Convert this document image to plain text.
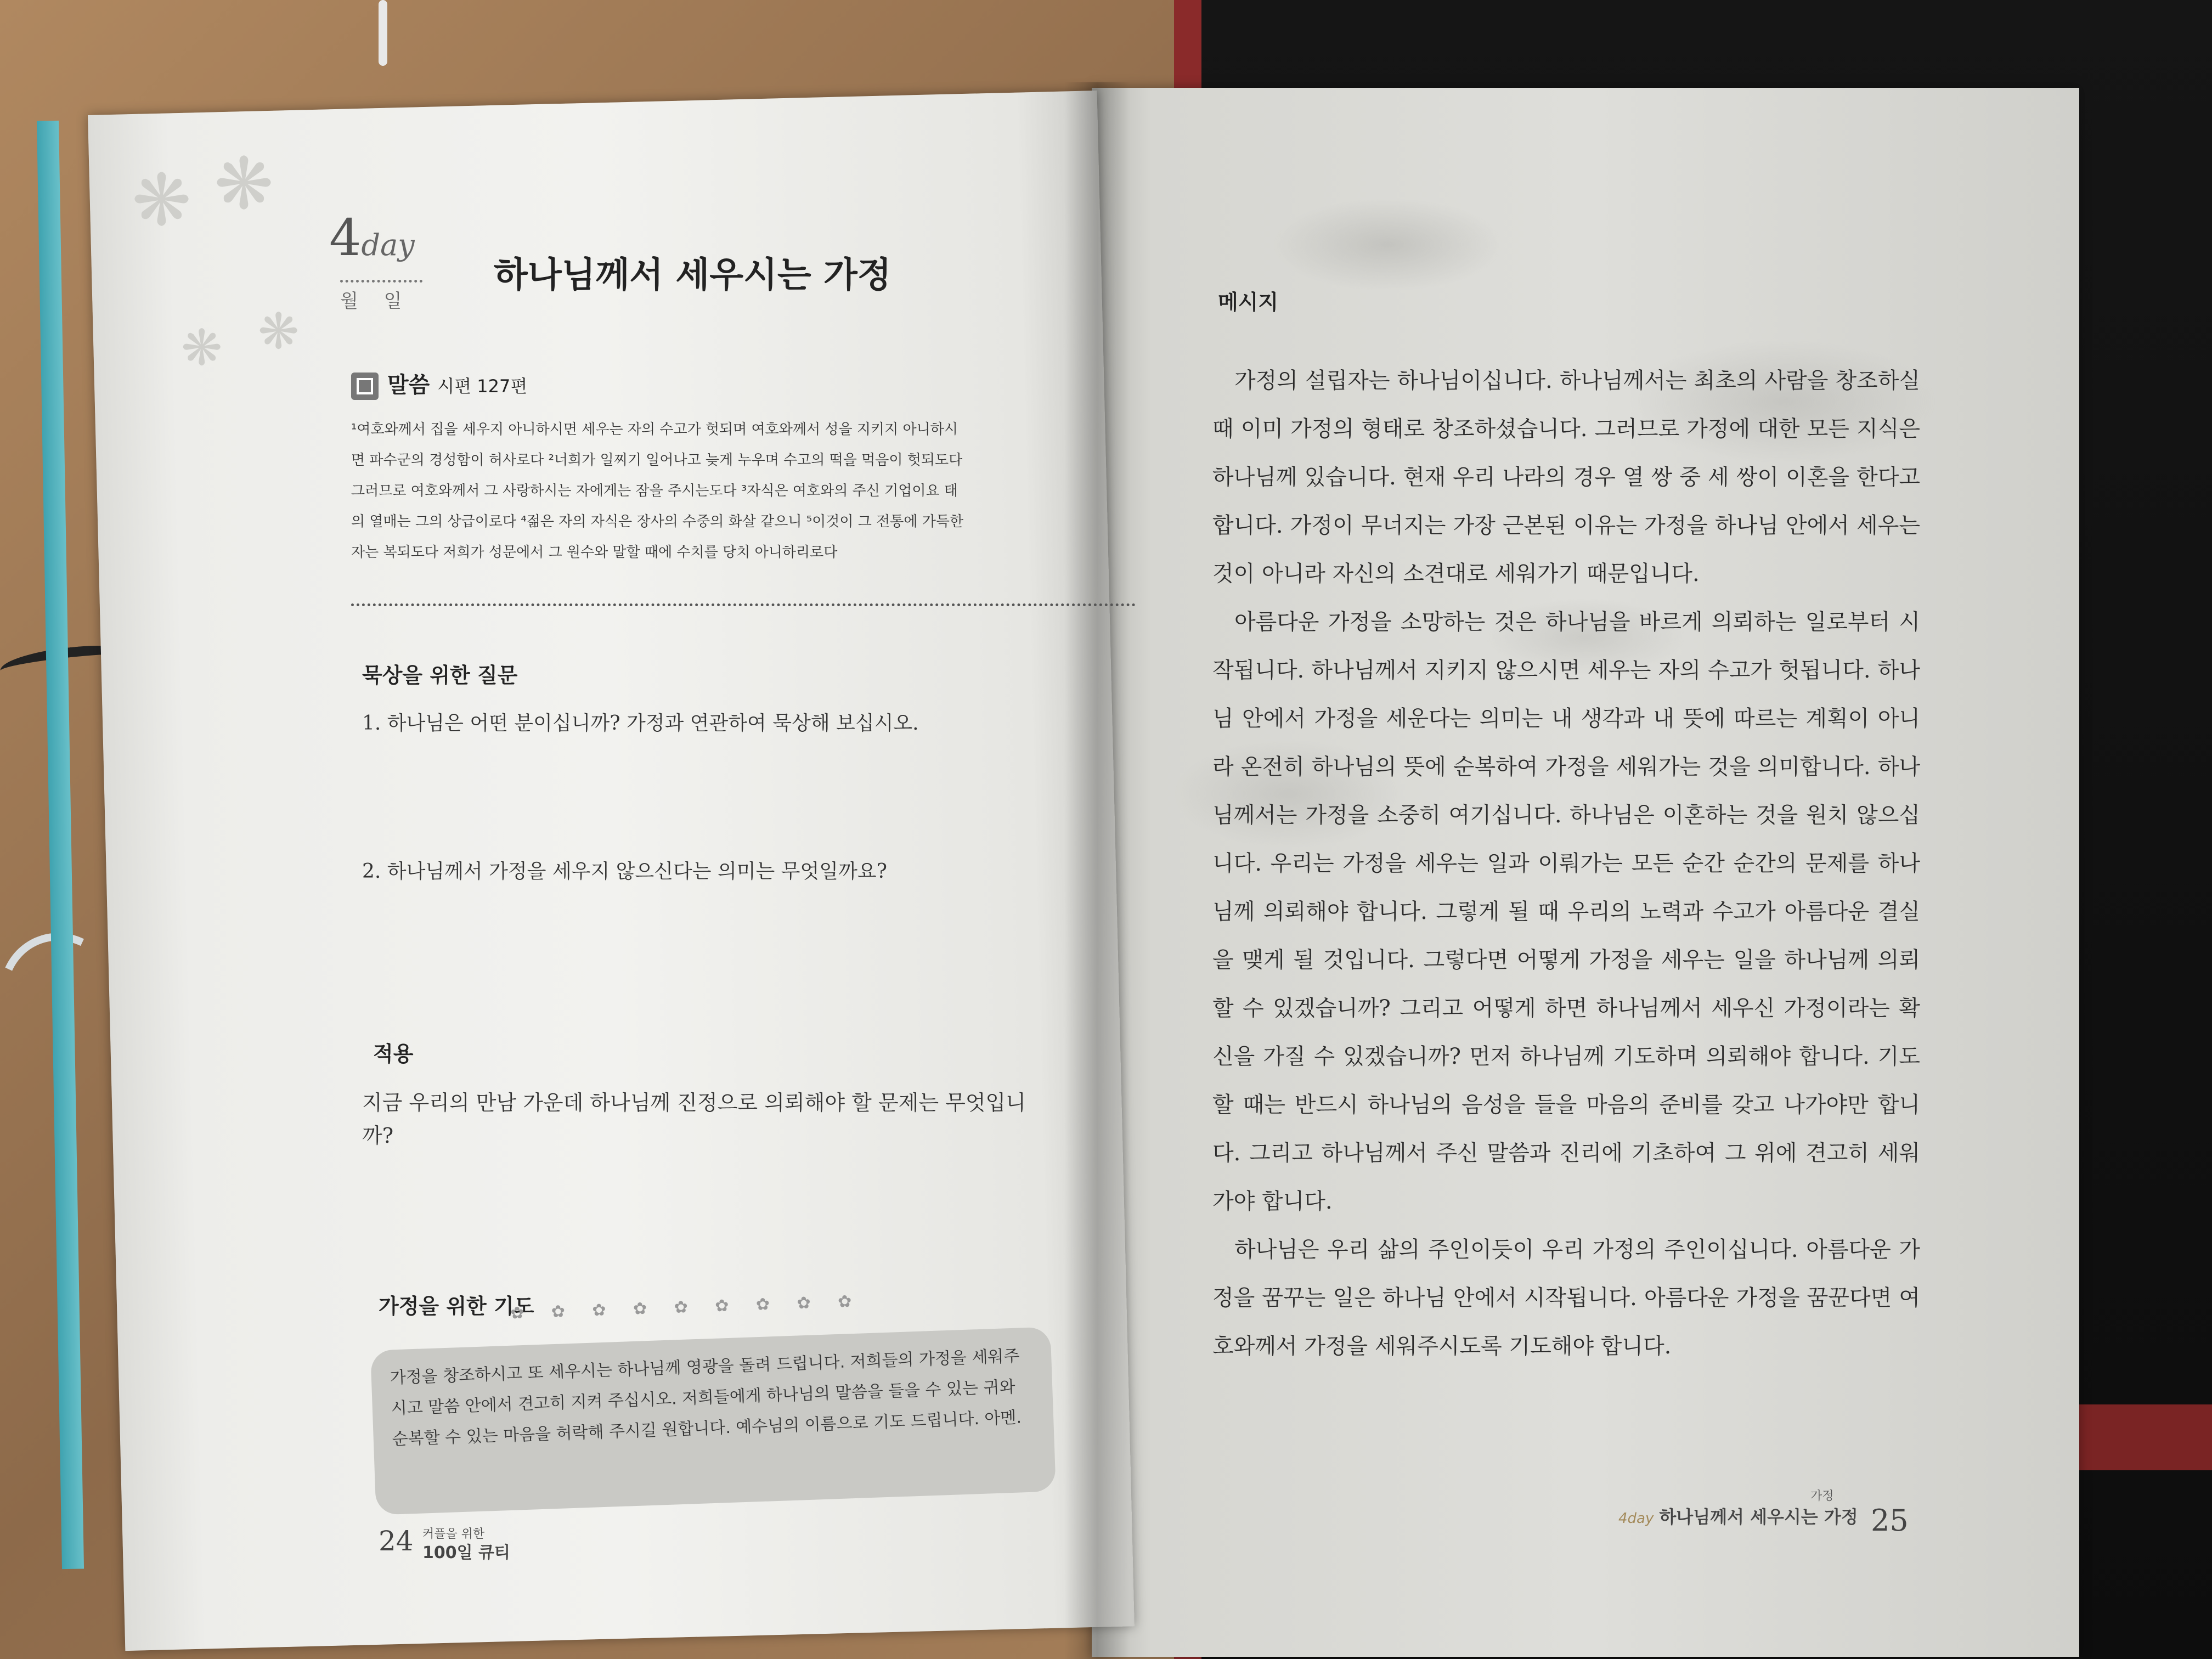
❋ ❋
❋ ❋
4day
월 일
하나님께서 세우시는 가정
말씀 시편 127편
¹여호와께서 집을 세우지 아니하시면 세우는 자의 수고가 헛되며 여호와께서 성을 지키지 아니하시
면 파수군의 경성함이 허사로다 ²너희가 일찌기 일어나고 늦게 누우며 수고의 떡을 먹음이 헛되도다
그러므로 여호와께서 그 사랑하시는 자에게는 잠을 주시는도다 ³자식은 여호와의 주신 기업이요 태
의 열매는 그의 상급이로다 ⁴젊은 자의 자식은 장사의 수중의 화살 같으니 ⁵이것이 그 전통에 가득한
자는 복되도다 저희가 성문에서 그 원수와 말할 때에 수치를 당치 아니하리로다
묵상을 위한 질문
1. 하나님은 어떤 분이십니까? 가정과 연관하여 묵상해 보십시오.
2. 하나님께서 가정을 세우지 않으신다는 의미는 무엇일까요?
적용
지금 우리의 만남 가운데 하나님께 진정으로 의뢰해야 할 문제는 무엇입니까?
가정을 위한 기도
✿ ✿ ✿ ✿ ✿ ✿ ✿ ✿ ✿
가정을 창조하시고 또 세우시는 하나님께 영광을 돌려 드립니다. 저희들의 가정을 세워주시고 말씀 안에서 견고히 지켜 주십시오. 저희들에게 하나님의 말씀을 들을 수 있는 귀와 순복할 수 있는 마음을 허락해 주시길 원합니다. 예수님의 이름으로 기도 드립니다. 아멘.
24 커플을 위한
100일 큐티
메시지

가정의 설립자는 하나님이십니다. 하나님께서는 최초의 사람을 창조하실 때 이미 가정의 형태로 창조하셨습니다. 그러므로 가정에 대한 모든 지식은 하나님께 있습니다. 현재 우리 나라의 경우 열 쌍 중 세 쌍이 이혼을 한다고 합니다. 가정이 무너지는 가장 근본된 이유는 가정을 하나님 안에서 세우는 것이 아니라 자신의 소견대로 세워가기 때문입니다.

아름다운 가정을 소망하는 것은 하나님을 바르게 의뢰하는 일로부터 시작됩니다. 하나님께서 지키지 않으시면 세우는 자의 수고가 헛됩니다. 하나님 안에서 가정을 세운다는 의미는 내 생각과 내 뜻에 따르는 계획이 아니라 온전히 하나님의 뜻에 순복하여 가정을 세워가는 것을 의미합니다. 하나님께서는 가정을 소중히 여기십니다. 하나님은 이혼하는 것을 원치 않으십니다. 우리는 가정을 세우는 일과 이뤄가는 모든 순간 순간의 문제를 하나님께 의뢰해야 합니다. 그렇게 될 때 우리의 노력과 수고가 아름다운 결실을 맺게 될 것입니다. 그렇다면 어떻게 가정을 세우는 일을 하나님께 의뢰할 수 있겠습니까? 그리고 어떻게 하면 하나님께서 세우신 가정이라는 확신을 가질 수 있겠습니까? 먼저 하나님께 기도하며 의뢰해야 합니다. 기도할 때는 반드시 하나님의 음성을 들을 마음의 준비를 갖고 나가야만 합니다. 그리고 하나님께서 주신 말씀과 진리에 기초하여 그 위에 견고히 세워 가야 합니다.

하나님은 우리 삶의 주인이듯이 우리 가정의 주인이십니다. 아름다운 가정을 꿈꾸는 일은 하나님 안에서 시작됩니다. 아름다운 가정을 꿈꾼다면 여호와께서 가정을 세워주시도록 기도해야 합니다.

가정
4day 하나님께서 세우시는 가정 25
